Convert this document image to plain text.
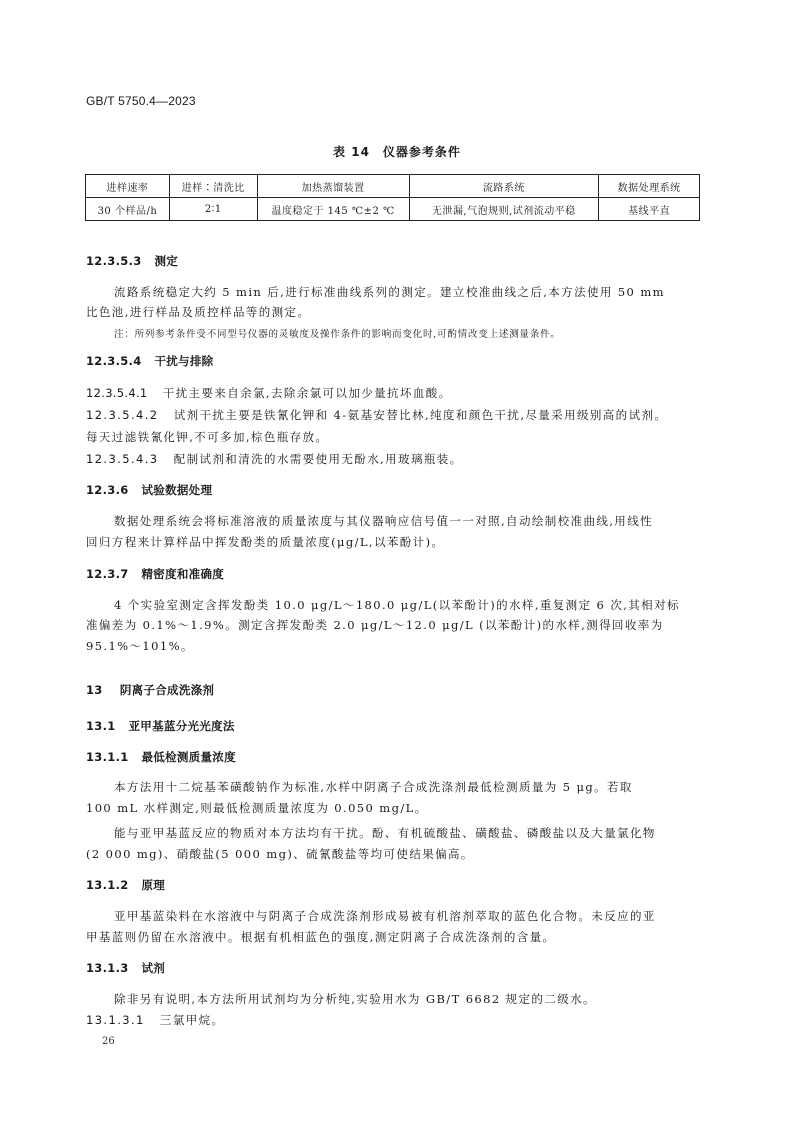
GB/T 5750.4—2023
表 14　仪器参考条件
进样速率	进样∶清洗比	加热蒸馏装置	流路系统	数据处理系统
30 个样品/h	2∶1	温度稳定于 145 ℃±2 ℃	无泄漏,气泡规则,试剂流动平稳	基线平直
12.3.5.3 测定
流路系统稳定大约 5 min 后,进行标准曲线系列的测定。建立校准曲线之后,本方法使用 50 mm
比色池,进行样品及质控样品等的测定。
注：所列参考条件受不同型号仪器的灵敏度及操作条件的影响而变化时,可酌情改变上述测量条件。
12.3.5.4 干扰与排除
12.3.5.4.1 干扰主要来自余氯,去除余氯可以加少量抗坏血酸。
12.3.5.4.2 试剂干扰主要是铁氰化钾和 4-氨基安替比林,纯度和颜色干扰,尽量采用级别高的试剂。
每天过滤铁氰化钾,不可多加,棕色瓶存放。
12.3.5.4.3 配制试剂和清洗的水需要使用无酚水,用玻璃瓶装。
12.3.6 试验数据处理
数据处理系统会将标准溶液的质量浓度与其仪器响应信号值一一对照,自动绘制校准曲线,用线性
回归方程来计算样品中挥发酚类的质量浓度(μg/L,以苯酚计)。
12.3.7 精密度和准确度
4 个实验室测定含挥发酚类 10.0 μg/L～180.0 μg/L(以苯酚计)的水样,重复测定 6 次,其相对标
准偏差为 0.1%～1.9%。测定含挥发酚类 2.0 μg/L～12.0 μg/L (以苯酚计)的水样,测得回收率为
95.1%～101%。
13 阴离子合成洗涤剂
13.1 亚甲基蓝分光光度法
13.1.1 最低检测质量浓度
本方法用十二烷基苯磺酸钠作为标准,水样中阴离子合成洗涤剂最低检测质量为 5 μg。若取
100 mL 水样测定,则最低检测质量浓度为 0.050 mg/L。
能与亚甲基蓝反应的物质对本方法均有干扰。酚、有机硫酸盐、磺酸盐、磷酸盐以及大量氯化物
(2 000 mg)、硝酸盐(5 000 mg)、硫氰酸盐等均可使结果偏高。
13.1.2 原理
亚甲基蓝染料在水溶液中与阴离子合成洗涤剂形成易被有机溶剂萃取的蓝色化合物。未反应的亚
甲基蓝则仍留在水溶液中。根据有机相蓝色的强度,测定阴离子合成洗涤剂的含量。
13.1.3 试剂
除非另有说明,本方法所用试剂均为分析纯,实验用水为 GB/T 6682 规定的二级水。
13.1.3.1 三氯甲烷。
26
